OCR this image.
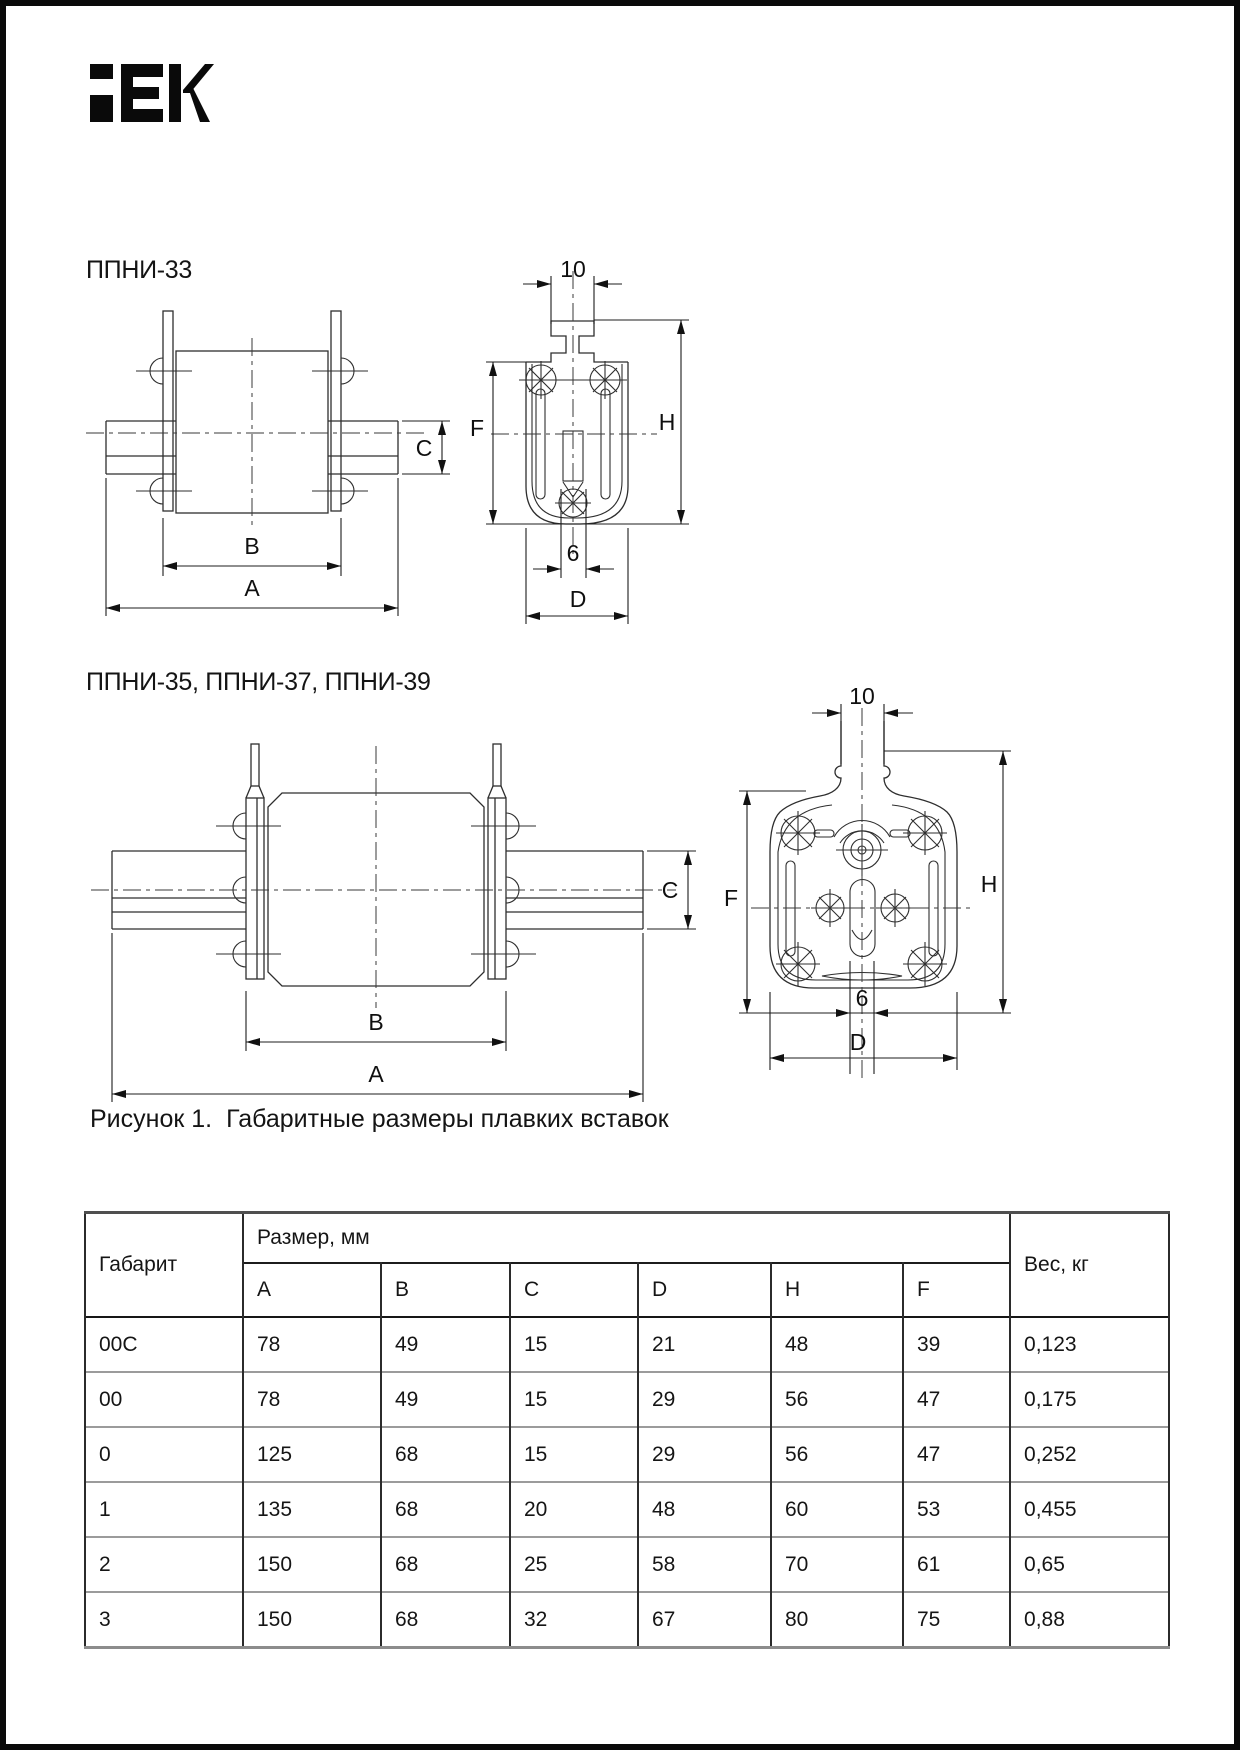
ППНИ-33
B
A
C
10
H
F
6
D
ППНИ-35, ППНИ-37, ППНИ-39
B
A
C
10
H
F
6
D
Рисунок 1. Габаритные размеры плавких вставок
Габарит	Размер, мм						Вес, кг
	A	B	C	D	H	F	
00C	78	49	15	21	48	39	0,123
00	78	49	15	29	56	47	0,175
0	125	68	15	29	56	47	0,252
1	135	68	20	48	60	53	0,455
2	150	68	25	58	70	61	0,65
3	150	68	32	67	80	75	0,88
